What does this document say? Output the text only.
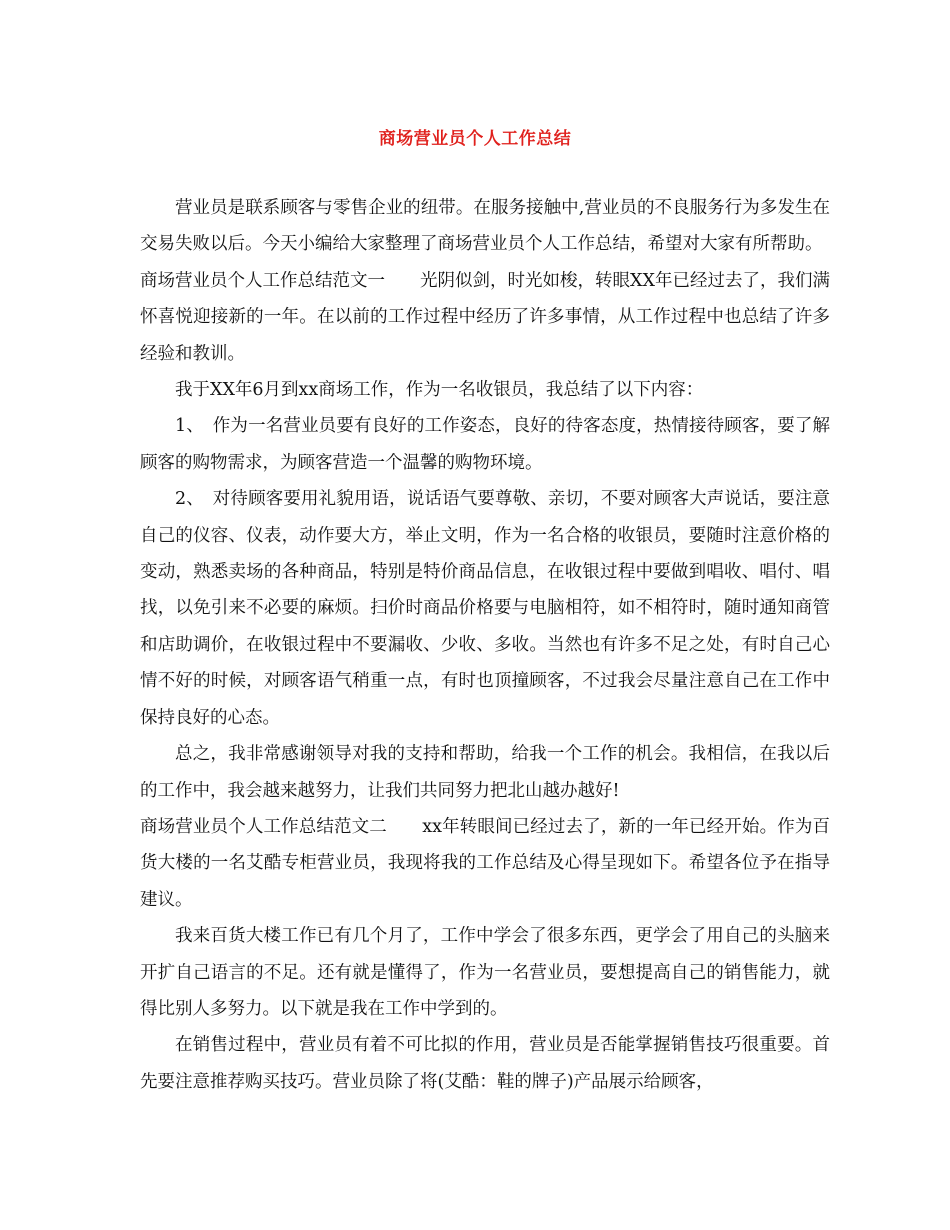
商场营业员个人工作总结

营业员是联系顾客与零售企业的纽带。在服务接触中,营业员的不良服务行为多发生在交易失败以后。今天小编给大家整理了商场营业员个人工作总结，希望对大家有所帮助。

商场营业员个人工作总结范文一　　光阴似剑，时光如梭，转眼XX年已经过去了，我们满怀喜悦迎接新的一年。在以前的工作过程中经历了许多事情，从工作过程中也总结了许多经验和教训。

我于XX年6月到xx商场工作，作为一名收银员，我总结了以下内容：

1、　作为一名营业员要有良好的工作姿态，良好的待客态度，热情接待顾客，要了解顾客的购物需求，为顾客营造一个温馨的购物环境。

2、　对待顾客要用礼貌用语，说话语气要尊敬、亲切，不要对顾客大声说话，要注意自己的仪容、仪表，动作要大方，举止文明，作为一名合格的收银员，要随时注意价格的变动，熟悉卖场的各种商品，特别是特价商品信息，在收银过程中要做到唱收、唱付、唱找，以免引来不必要的麻烦。扫价时商品价格要与电脑相符，如不相符时，随时通知商管和店助调价，在收银过程中不要漏收、少收、多收。当然也有许多不足之处，有时自己心情不好的时候，对顾客语气稍重一点，有时也顶撞顾客，不过我会尽量注意自己在工作中保持良好的心态。

总之，我非常感谢领导对我的支持和帮助，给我一个工作的机会。我相信，在我以后的工作中，我会越来越努力，让我们共同努力把北山越办越好!

商场营业员个人工作总结范文二　　xx年转眼间已经过去了，新的一年已经开始。作为百货大楼的一名艾酷专柜营业员，我现将我的工作总结及心得呈现如下。希望各位予在指导建议。

我来百货大楼工作已有几个月了，工作中学会了很多东西，更学会了用自己的头脑来开扩自己语言的不足。还有就是懂得了，作为一名营业员，要想提高自己的销售能力，就得比别人多努力。以下就是我在工作中学到的。

在销售过程中，营业员有着不可比拟的作用，营业员是否能掌握销售技巧很重要。首先要注意推荐购买技巧。营业员除了将(艾酷：鞋的牌子)产品展示给顾客，
